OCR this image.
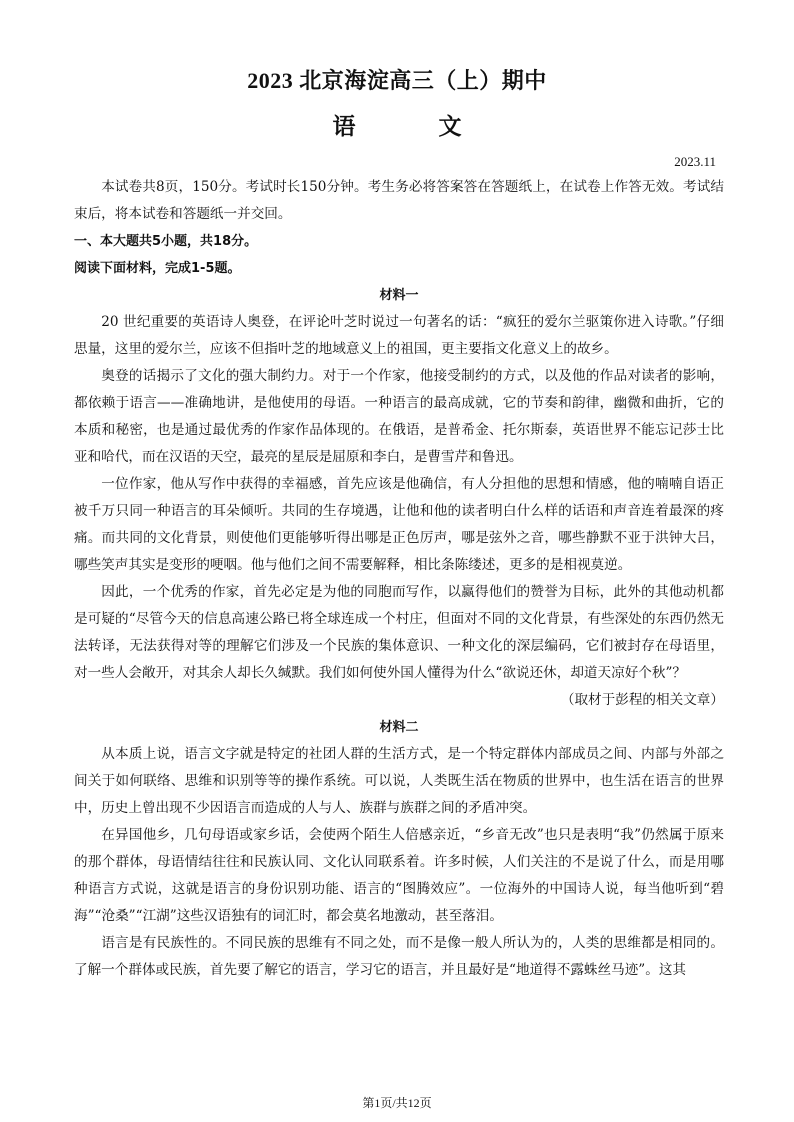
2023 北京海淀高三（上）期中
语　文
2023.11

本试卷共8页，150分。考试时长150分钟。考生务必将答案答在答题纸上，在试卷上作答无效。考试结束后，将本试卷和答题纸一并交回。

一、本大题共5小题，共18分。

阅读下面材料，完成1-5题。

材料一

20 世纪重要的英语诗人奥登，在评论叶芝时说过一句著名的话：“疯狂的爱尔兰驱策你进入诗歌。”仔细思量，这里的爱尔兰，应该不但指叶芝的地域意义上的祖国，更主要指文化意义上的故乡。

奥登的话揭示了文化的强大制约力。对于一个作家，他接受制约的方式，以及他的作品对读者的影响，都依赖于语言——准确地讲，是他使用的母语。一种语言的最高成就，它的节奏和韵律，幽微和曲折，它的本质和秘密，也是通过最优秀的作家作品体现的。在俄语，是普希金、托尔斯泰，英语世界不能忘记莎士比亚和哈代，而在汉语的天空，最亮的星辰是屈原和李白，是曹雪芹和鲁迅。

一位作家，他从写作中获得的幸福感，首先应该是他确信，有人分担他的思想和情感，他的喃喃自语正被千万只同一种语言的耳朵倾听。共同的生存境遇，让他和他的读者明白什么样的话语和声音连着最深的疼痛。而共同的文化背景，则使他们更能够听得出哪是正色厉声，哪是弦外之音，哪些静默不亚于洪钟大吕，哪些笑声其实是变形的哽咽。他与他们之间不需要解释，相比条陈缕述，更多的是相视莫逆。

因此，一个优秀的作家，首先必定是为他的同胞而写作，以赢得他们的赞誉为目标，此外的其他动机都是可疑的“尽管今天的信息高速公路已将全球连成一个村庄，但面对不同的文化背景，有些深处的东西仍然无法转译，无法获得对等的理解它们涉及一个民族的集体意识、一种文化的深层编码，它们被封存在母语里，对一些人会敞开，对其余人却长久缄默。我们如何使外国人懂得为什么“欲说还休，却道天凉好个秋”？

（取材于彭程的相关文章）

材料二

从本质上说，语言文字就是特定的社团人群的生活方式，是一个特定群体内部成员之间、内部与外部之间关于如何联络、思维和识别等等的操作系统。可以说，人类既生活在物质的世界中，也生活在语言的世界中，历史上曾出现不少因语言而造成的人与人、族群与族群之间的矛盾冲突。

在异国他乡，几句母语或家乡话，会使两个陌生人倍感亲近，“乡音无改”也只是表明“我”仍然属于原来的那个群体，母语情结往往和民族认同、文化认同联系着。许多时候，人们关注的不是说了什么，而是用哪种语言方式说，这就是语言的身份识别功能、语言的“图腾效应”。一位海外的中国诗人说，每当他听到“碧海”“沧桑”“江湖”这些汉语独有的词汇时，都会莫名地激动，甚至落泪。

语言是有民族性的。不同民族的思维有不同之处，而不是像一般人所认为的，人类的思维都是相同的。了解一个群体或民族，首先要了解它的语言，学习它的语言，并且最好是“地道得不露蛛丝马迹”。这其

第1页/共12页
